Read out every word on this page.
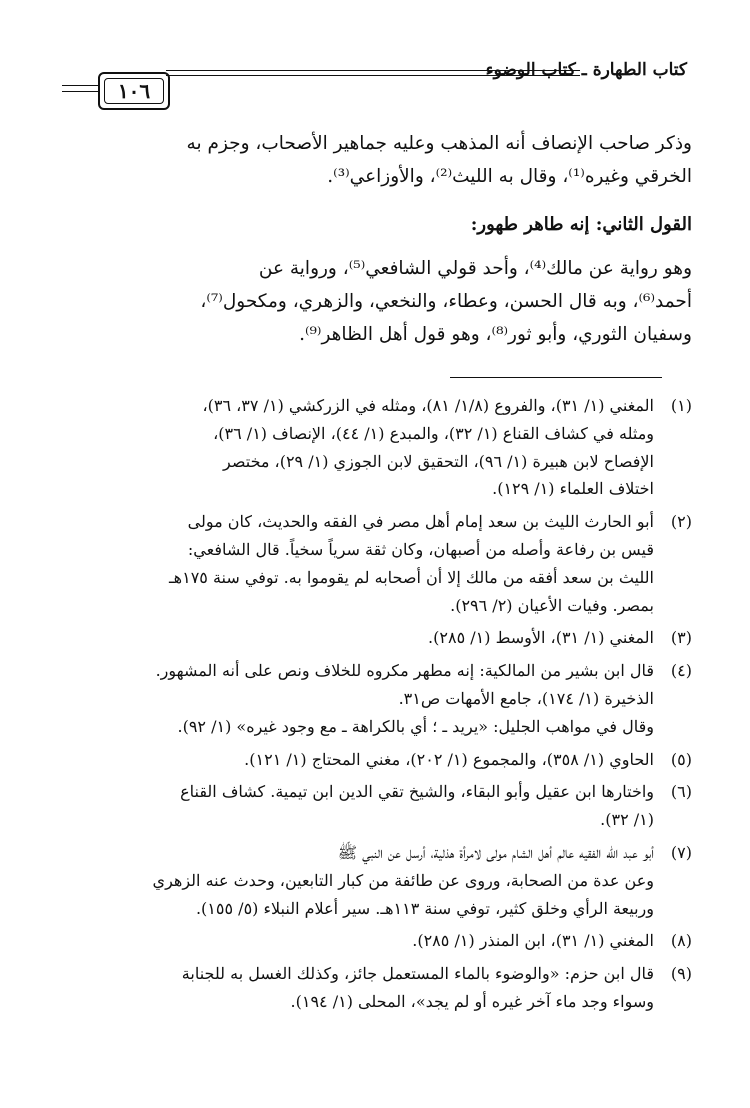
كتاب الطهارة ـ كتاب الوضوء
١٠٦
وذكر صاحب الإنصاف أنه المذهب وعليه جماهير الأصحاب، وجزم به
الخرقي وغيره⁽¹⁾، وقال به الليث⁽²⁾، والأوزاعي⁽³⁾.
القول الثاني: إنه طاهر طهور:
وهو رواية عن مالك⁽⁴⁾، وأحد قولي الشافعي⁽⁵⁾، ورواية عن
أحمد⁽⁶⁾، وبه قال الحسن، وعطاء، والنخعي، والزهري، ومكحول⁽⁷⁾،
وسفيان الثوري، وأبو ثور⁽⁸⁾، وهو قول أهل الظاهر⁽⁹⁾.
(١)
المغني (١/ ٣١)، والفروع (١/٨/ ٨١)، ومثله في الزركشي (١/ ٣٧، ٣٦)،
ومثله في كشاف القناع (١/ ٣٢)، والمبدع (١/ ٤٤)، الإنصاف (١/ ٣٦)،
الإفصاح لابن هبيرة (١/ ٩٦)، التحقيق لابن الجوزي (١/ ٢٩)، مختصر
اختلاف العلماء (١/ ١٢٩).
(٢)
أبو الحارث الليث بن سعد إمام أهل مصر في الفقه والحديث، كان مولى
قيس بن رفاعة وأصله من أصبهان، وكان ثقة سرياً سخياً. قال الشافعي:
الليث بن سعد أفقه من مالك إلا أن أصحابه لم يقوموا به. توفي سنة ١٧٥هـ
بمصر. وفيات الأعيان (٢/ ٢٩٦).
(٣)
المغني (١/ ٣١)، الأوسط (١/ ٢٨٥).
(٤)
قال ابن بشير من المالكية: إنه مطهر مكروه للخلاف ونص على أنه المشهور.
الذخيرة (١/ ١٧٤)، جامع الأمهات ص٣١.
وقال في مواهب الجليل: «يريد ـ ؛ أي بالكراهة ـ مع وجود غيره» (١/ ٩٢).
(٥)
الحاوي (١/ ٣٥٨)، والمجموع (١/ ٢٠٢)، مغني المحتاج (١/ ١٢١).
(٦)
واختارها ابن عقيل وأبو البقاء، والشيخ تقي الدين ابن تيمية. كشاف القناع
(١/ ٣٢).
(٧)
أبو عبد الله الفقيه عالم أهل الشام مولى لامرأة هذلية، أرسل عن النبي ﷺ
وعن عدة من الصحابة، وروى عن طائفة من كبار التابعين، وحدث عنه الزهري
وربيعة الرأي وخلق كثير، توفي سنة ١١٣هـ. سير أعلام النبلاء (٥/ ١٥٥).
(٨)
المغني (١/ ٣١)، ابن المنذر (١/ ٢٨٥).
(٩)
قال ابن حزم: «والوضوء بالماء المستعمل جائز، وكذلك الغسل به للجنابة
وسواء وجد ماء آخر غيره أو لم يجد»، المحلى (١/ ١٩٤).
